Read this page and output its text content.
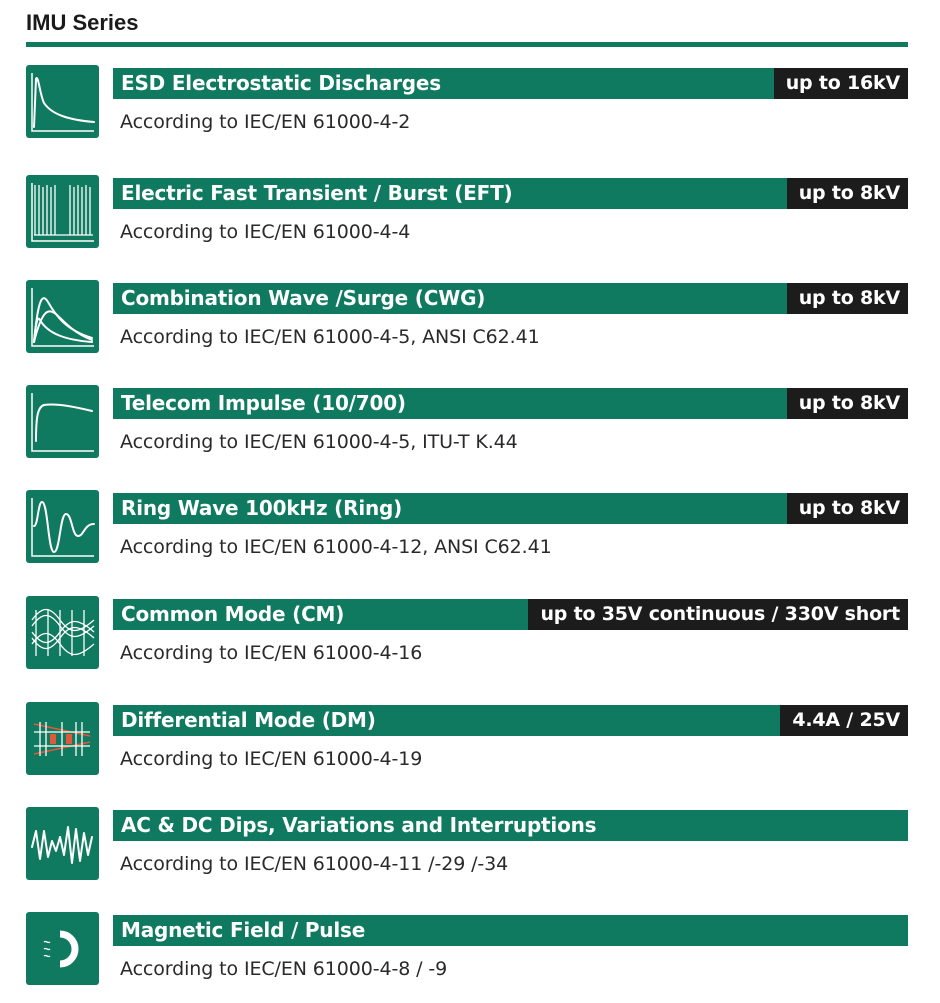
IMU Series
ESD Electrostatic Discharges	up to 16kV
According to IEC/EN 61000-4-2
Electric Fast Transient / Burst (EFT)	up to 8kV
According to IEC/EN 61000-4-4
Combination Wave /Surge (CWG)	up to 8kV
According to IEC/EN 61000-4-5, ANSI C62.41
Telecom Impulse (10/700)	up to 8kV
According to IEC/EN 61000-4-5, ITU-T K.44
Ring Wave 100kHz (Ring)	up to 8kV
According to IEC/EN 61000-4-12, ANSI C62.41
Common Mode (CM)	up to 35V continuous / 330V short
According to IEC/EN 61000-4-16
Differential Mode (DM)	4.4A / 25V
According to IEC/EN 61000-4-19
AC & DC Dips, Variations and Interruptions
According to IEC/EN 61000-4-11 /-29 /-34
Magnetic Field / Pulse
According to IEC/EN 61000-4-8 / -9
